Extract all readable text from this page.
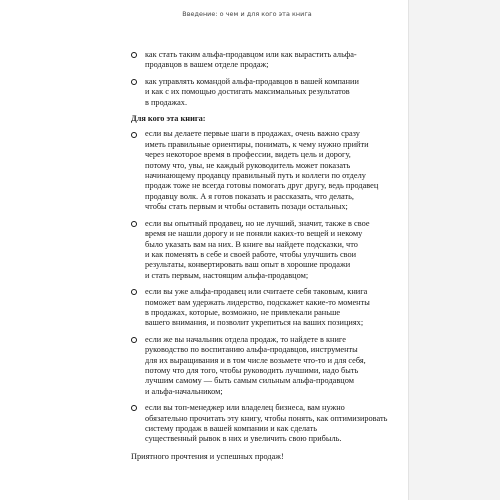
Введение: о чем и для кого эта книга
как стать таким альфа-продавцом или как вырастить альфа-
продавцов в вашем отделе продаж;
как управлять командой альфа-продавцов в вашей компании
и как с их помощью достигать максимальных результатов
в продажах.
Для кого эта книга:
если вы делаете первые шаги в продажах, очень важно сразу
иметь правильные ориентиры, понимать, к чему нужно прийти
через некоторое время в профессии, видеть цель и дорогу,
потому что, увы, не каждый руководитель может показать
начинающему продавцу правильный путь и коллеги по отделу
продаж тоже не всегда готовы помогать друг другу, ведь продавец
продавцу волк. А я готов показать и рассказать, что делать,
чтобы стать первым и чтобы оставить позади остальных;
если вы опытный продавец, но не лучший, значит, также в свое
время не нашли дорогу и не поняли каких-то вещей и некому
было указать вам на них. В книге вы найдете подсказки, что
и как поменять в себе и своей работе, чтобы улучшить свои
результаты, конвертировать ваш опыт в хорошие продажи
и стать первым, настоящим альфа-продавцом;
если вы уже альфа-продавец или считаете себя таковым, книга
поможет вам удержать лидерство, подскажет какие-то моменты
в продажах, которые, возможно, не привлекали раньше
вашего внимания, и позволит укрепиться на ваших позициях;
если же вы начальник отдела продаж, то найдете в книге
руководство по воспитанию альфа-продавцов, инструменты
для их выращивания и в том числе возьмете что-то и для себя,
потому что для того, чтобы руководить лучшими, надо быть
лучшим самому — быть самым сильным альфа-продавцом
и альфа-начальником;
если вы топ-менеджер или владелец бизнеса, вам нужно
обязательно прочитать эту книгу, чтобы понять, как оптимизировать
систему продаж в вашей компании и как сделать
существенный рывок в них и увеличить свою прибыль.
Приятного прочтения и успешных продаж!
